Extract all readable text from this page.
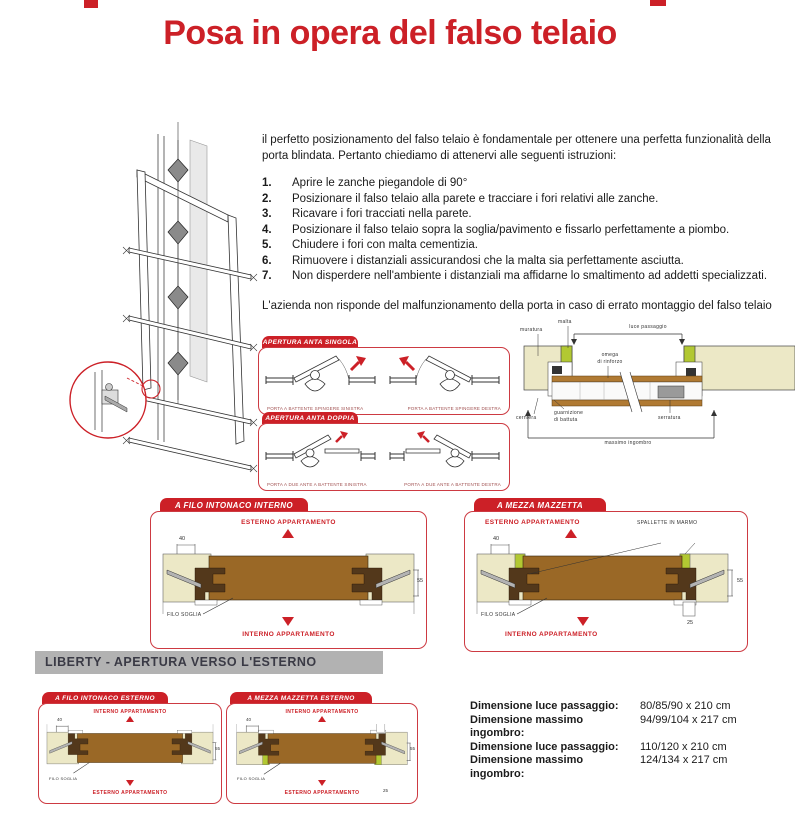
Posa in opera del falso telaio

il perfetto posizionamento del falso telaio è fondamentale per ottenere una perfetta funzionalità della porta blindata. Pertanto chiediamo di attenervi alle seguenti istruzioni:

1.	Aprire le zanche piegandole di 90°
2.	Posizionare il falso telaio alla parete e tracciare i fori relativi alle zanche.
3.	Ricavare i fori tracciati nella parete.
4.	Posizionare il falso telaio sopra la soglia/pavimento e fissarlo perfettamente a piombo.
5.	Chiudere i fori con malta cementizia.
6.	Rimuovere i distanziali assicurandosi che la malta sia perfettamente asciutta.
7.	Non disperdere nell'ambiente i distanziali ma affidarne lo smaltimento ad addetti specializzati.

L'azienda non risponde del malfunzionamento della porta in caso di errato montaggio del falso telaio

APERTURA ANTA SINGOLA
PORTA A BATTENTE SPINGERE SINISTRA	PORTA A BATTENTE SPINGERE DESTRA
APERTURA ANTA DOPPIA
PORTA A DUE ANTE A BATTENTE SINISTRA	PORTA A DUE ANTE A BATTENTE DESTRA
muratura
malta
luce passaggio
omega
di rinforzo
cerniera
guarnizione
di battuta	serratura
massimo ingombro
A FILO INTONACO INTERNO
ESTERNO APPARTAMENTO
40
55
FILO SOGLIA
INTERNO APPARTAMENTO
A MEZZA MAZZETTA
ESTERNO APPARTAMENTO	SPALLETTE IN MARMO
40
55
25
FILO SOGLIA
INTERNO APPARTAMENTO
LIBERTY - APERTURA VERSO L'ESTERNO
A FILO INTONACO ESTERNO
INTERNO APPARTAMENTO
40
55
FILO SOGLIA
ESTERNO APPARTAMENTO
A MEZZA MAZZETTA ESTERNO
INTERNO APPARTAMENTO
40
55
25
FILO SOGLIA
ESTERNO APPARTAMENTO
Dimensione luce passaggio:	80/85/90 x 210 cm
Dimensione massimo ingombro:
94/99/104 x 217 cm
Dimensione luce passaggio:	110/120 x 210 cm
Dimensione massimo ingombro:
124/134 x 217 cm
